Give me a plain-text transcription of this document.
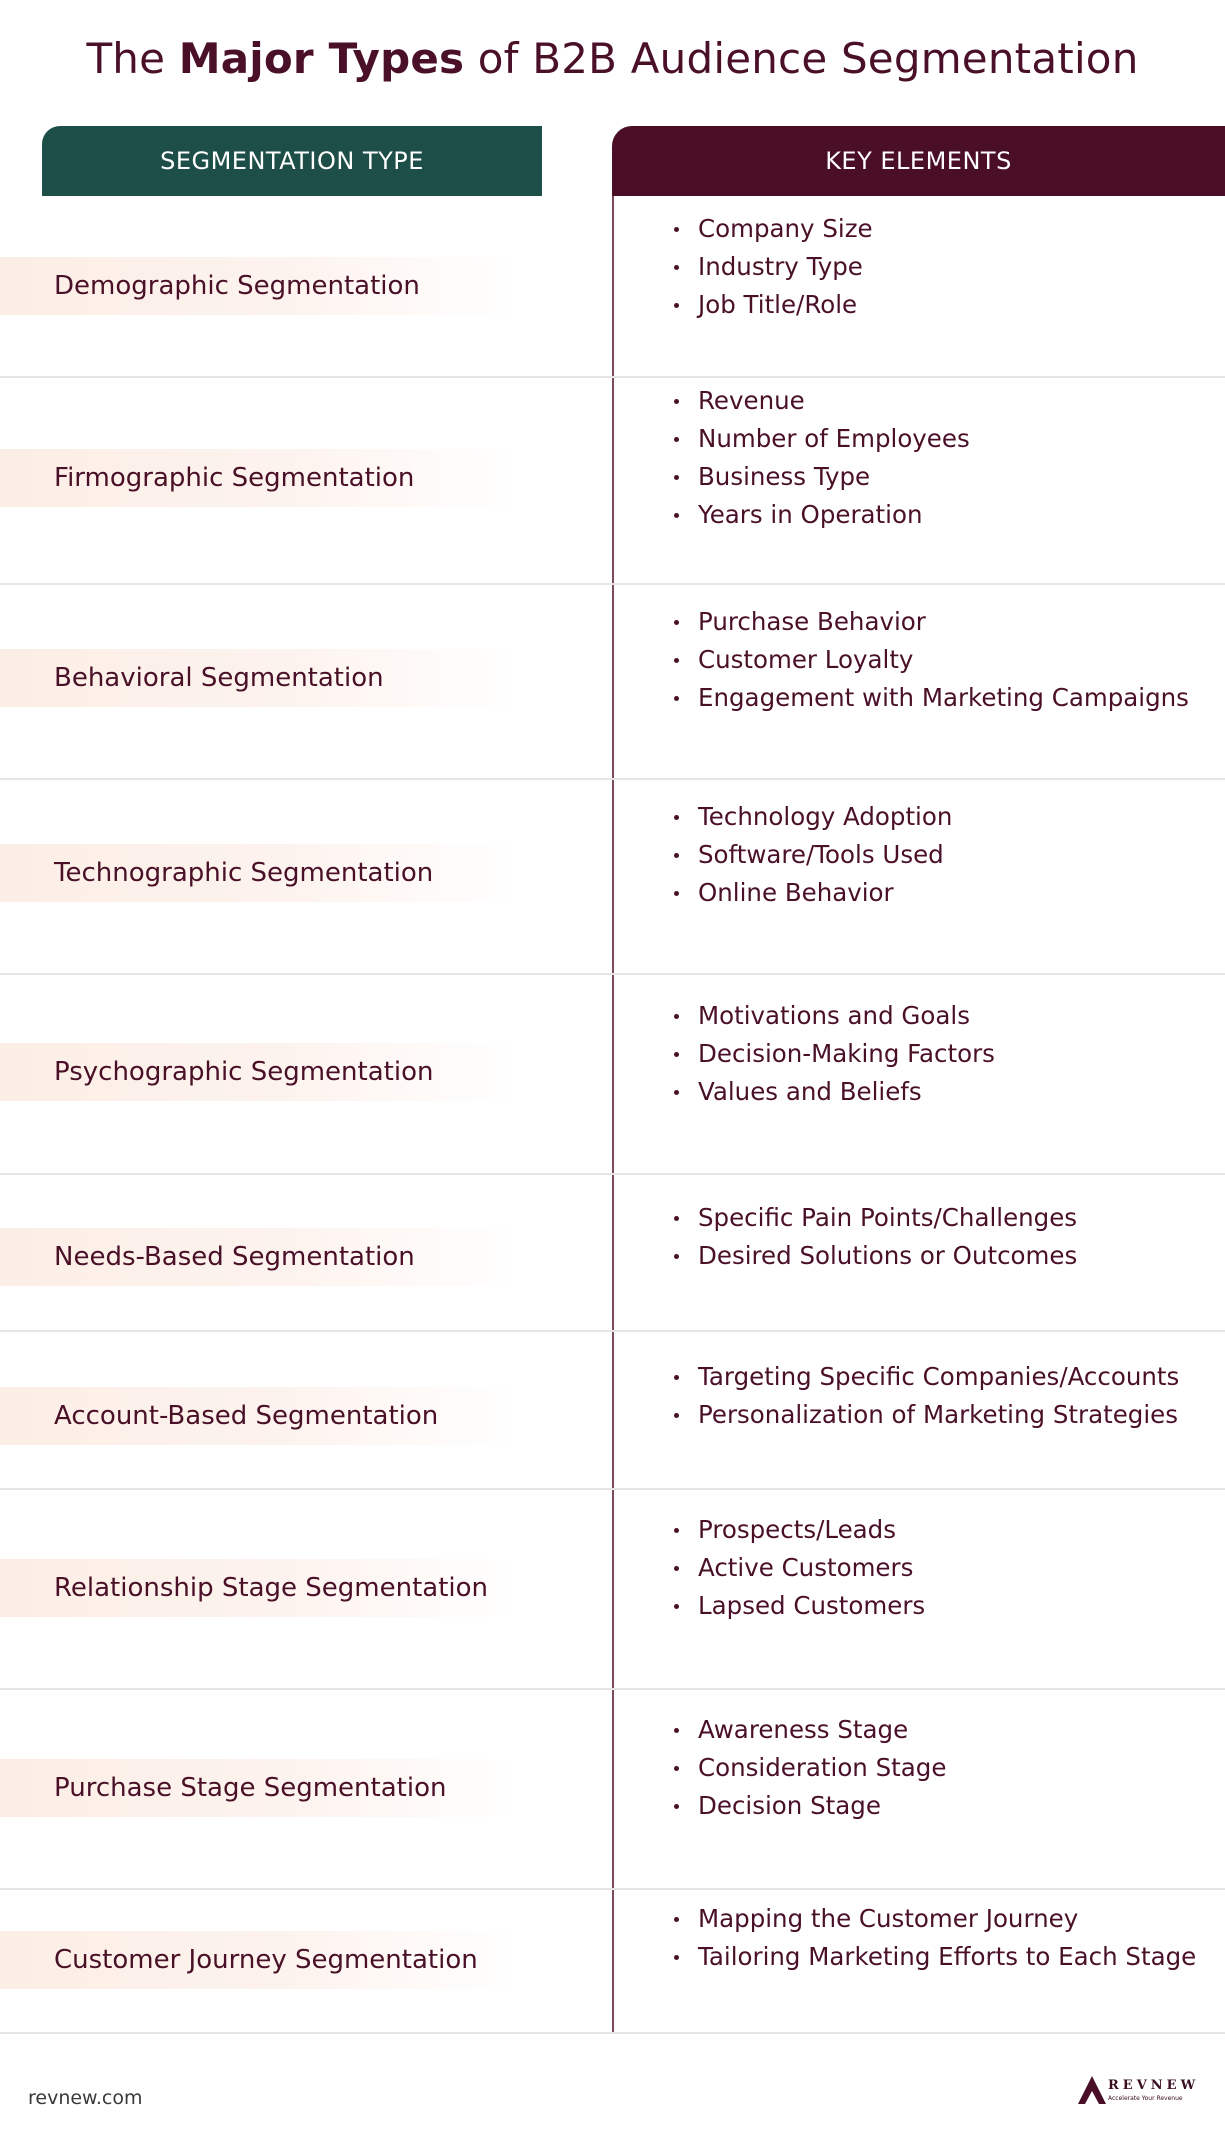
The Major Types of B2B Audience Segmentation
SEGMENTATION TYPE	KEY ELEMENTS
Demographic Segmentation
Company Size
Industry Type
Job Title/Role
Firmographic Segmentation
Revenue
Number of Employees
Business Type
Years in Operation
Behavioral Segmentation
Purchase Behavior
Customer Loyalty
Engagement with Marketing Campaigns
Technographic Segmentation
Technology Adoption
Software/Tools Used
Online Behavior
Psychographic Segmentation
Motivations and Goals
Decision-Making Factors
Values and Beliefs
Needs-Based Segmentation
Specific Pain Points/Challenges
Desired Solutions or Outcomes
Account-Based Segmentation
Targeting Specific Companies/Accounts
Personalization of Marketing Strategies
Relationship Stage Segmentation
Prospects/Leads
Active Customers
Lapsed Customers
Purchase Stage Segmentation
Awareness Stage
Consideration Stage
Decision Stage
Customer Journey Segmentation
Mapping the Customer Journey
Tailoring Marketing Efforts to Each Stage
revnew.com
REVNEW
Accelerate Your Revenue
